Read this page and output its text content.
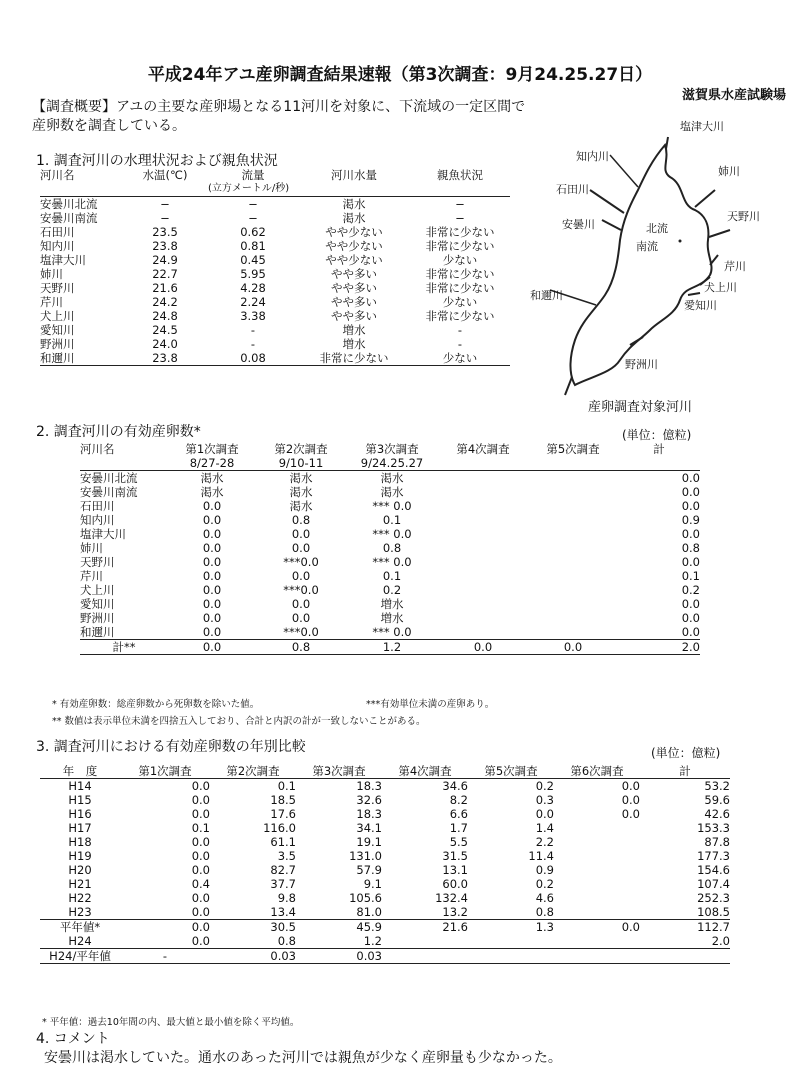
平成24年アユ産卵調査結果速報（第3次調査：9月24.25.27日）
滋賀県水産試験場
【調査概要】アユの主要な産卵場となる11河川を対象に、下流域の一定区間で産卵数を調査している。
1. 調査河川の水理状況および親魚状況
河川名	水温(℃)	流量	河川水量	親魚状況
		(立方メートル/秒)		
安曇川北流	−	−	渇水	−
安曇川南流	−	−	渇水	−
石田川	23.5	0.62	やや少ない	非常に少ない
知内川	23.8	0.81	やや少ない	非常に少ない
塩津大川	24.9	0.45	やや少ない	少ない
姉川	22.7	5.95	やや多い	非常に少ない
天野川	21.6	4.28	やや多い	非常に少ない
芹川	24.2	2.24	やや多い	少ない
犬上川	24.8	3.38	やや多い	非常に少ない
愛知川	24.5	-	増水	-
野洲川	24.0	-	増水	-
和邇川	23.8	0.08	非常に少ない	少ない
塩津大川
知内川
姉川
石田川
天野川
安曇川	北流
南流
芹川
犬上川
和邇川
愛知川
野洲川
産卵調査対象河川
2. 調査河川の有効産卵数*	(単位：億粒)
河川名	第1次調査	第2次調査	第3次調査	第4次調査	第5次調査	計
	8/27-28	9/10-11	9/24.25.27			
安曇川北流	渇水	渇水	渇水			0.0
安曇川南流	渇水	渇水	渇水			0.0
石田川	0.0	渇水	*** 0.0			0.0
知内川	0.0	0.8	0.1			0.9
塩津大川	0.0	0.0	*** 0.0			0.0
姉川	0.0	0.0	0.8			0.8
天野川	0.0	***0.0	*** 0.0			0.0
芹川	0.0	0.0	0.1			0.1
犬上川	0.0	***0.0	0.2			0.2
愛知川	0.0	0.0	増水			0.0
野洲川	0.0	0.0	増水			0.0
和邇川	0.0	***0.0	*** 0.0			0.0
計**	0.0	0.8	1.2	0.0	0.0	2.0
* 有効産卵数：総産卵数から死卵数を除いた値。	***有効単位未満の産卵あり。
** 数値は表示単位未満を四捨五入しており、合計と内訳の計が一致しないことがある。
3. 調査河川における有効産卵数の年別比較	(単位：億粒)
年　度	第1次調査	第2次調査	第3次調査	第4次調査	第5次調査	第6次調査	計
H14	0.0	0.1	18.3	34.6	0.2	0.0	53.2
H15	0.0	18.5	32.6	8.2	0.3	0.0	59.6
H16	0.0	17.6	18.3	6.6	0.0	0.0	42.6
H17	0.1	116.0	34.1	1.7	1.4		153.3
H18	0.0	61.1	19.1	5.5	2.2		87.8
H19	0.0	3.5	131.0	31.5	11.4		177.3
H20	0.0	82.7	57.9	13.1	0.9		154.6
H21	0.4	37.7	9.1	60.0	0.2		107.4
H22	0.0	9.8	105.6	132.4	4.6		252.3
H23	0.0	13.4	81.0	13.2	0.8		108.5
平年値*	0.0	30.5	45.9	21.6	1.3	0.0	112.7
H24	0.0	0.8	1.2				2.0
H24/平年値	-	0.03	0.03				
* 平年値：過去10年間の内、最大値と最小値を除く平均値。
4. コメント
安曇川は渇水していた。通水のあった河川では親魚が少なく産卵量も少なかった。
